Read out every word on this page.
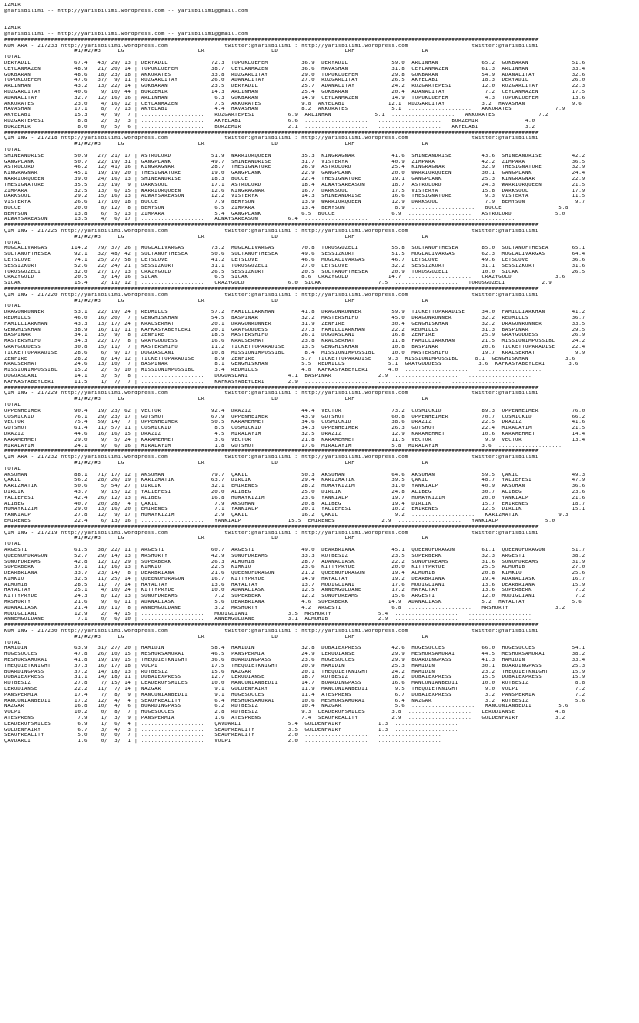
IZMIR
@YarisBilimi -- http://yarisbilimi.wordpress.com -- yarisbilimi@gmail.com
IZMIR
@YarisBilimi -- http://yarisbilimi.wordpress.com -- yarisbilimi@gmail.com
################################################################################################################################################################
KUM ARA - 217233 http://yarisbilimi.wordpress.com                 twitter:@YarisBilimi : http://yarisbilimi.wordpress.com                   twitter:@YarisBilimi
#1/#2/#3     LG                      LR                    LD                    LRF                    LA
TOTAL
DERYADIL             67.4   43/ 29/ 13 | DERYADIL             72.3  TOPUKLUEFEM          36.9  DERYADIL             59.0  ARLINHAN             65.2  GÖKBARAN             51.6
CEYLANMAZEN          48.9   21/ 20/ 14 | TOPUKLUEFEM          38.7  CEYLANMAZEN          36.6  HAVASHAN             31.8  CEYLANMAZEN          61.3  ARLINHAN             33.4
GÖKBARAN             48.6   18/ 23/ 18 | AKKORATES            33.8  RÜZGARLITAY          29.0  TOPUKLUEFEM          29.8  GÖKBARAN             54.9  ADANALITAY           32.6
TOPUKLUEFEM          47.6   37/  9/ 11 | RÜZGARLITAY          26.0  ADANALITAY           27.0  RÜZGARLITAY          26.5  AKYELABI             18.3  DERYADIL             26.0
ARLINHAN             43.2   13/ 22/ 14 | GÖKBARAN             23.5  DERYADIL             25.7  ADANALITAY           24.2  RÜZGARTEPESI         12.0  RÜZGARLITAY          22.3
RÜZGARLITAY          40.6    9/ 10/ 44 | BORZEMIR             14.3  ARLINHAN             25.4  GÖKBARAN             20.4  ADANALITAY            7.2  CEYLANMAZEN          17.5
ADANALITAY           32.7   12/ 16/ 16 | ARLINHAN              6.3  GÖKBARAN             14.9  CEYLANMAZEN          14.9  TOPUKLUEFEM           4.3  TOPUKLUEFEM          13.6
AKKORATES            23.0    4/ 16/ 12 | CEYLANMAZEN           7.5  AKKORATES            9.8  AKYELABI             12.1  RÜZGARLITAY           3.2  HAVASHAN              9.6
HAVASHAN             17.1    8/  7/ 13 | AKYELABI              4.4  HAVASHAN             8.2  AKKORATES             5.1  ...................   AKKORATES             7.9
AKYELABI             15.3    4/  9/  7 | ...................   RÜZGARTEPESI          6.9  ARLINHAN             5.1  ...................   AKKORATES             7.2
RÜZGARTEPESI          8.8    2/  3/  3 | ...................   AKYELABI              6.6  ...................   ...................   BORZEMIR              4.0
BORZEMIR              8.0    0/  5/  6 | ...................   BORZEMIR              2.1  ...................   ...................   AKYELABI              3.2
################################################################################################################################################################
ÇIM ING - 217218 http://yarisbilimi.wordpress.com                 twitter:@YarisBilimi : http://yarisbilimi.wordpress.com                   twitter:@YarisBilimi
#1/#2/#3     LG                      LR                    LD                    LRF                    LA
TOTAL
SHINEANDRISE         50.9   27/ 21/ 17 | ASTROLORD            51.9  WARRIORQUEEN         35.3  KINGRAGNAR           41.6  SHINEANDRISE         43.6  SHINEANDRISE         42.2
GANGPLANK            50.7   22/ 19/ 31 | GANGPLANK            49.7  SHINEANDRISE         31.7  VISTERYA             40.9  ZIMPARA              42.2  ZIMPARA              36.5
ASTROLORD            46.2   12/ 41/ 16 | KINGRAGNAR           28.7  THESIGNATURE         26.9  ASTROLORD            25.4  KINGRAGNAR           32.9  THESIGNATURE         32.9
KINGRAGNAR           45.1   19/ 19/ 20 | THESIGNATURE         19.0  GANGPLANK            22.9  GANGPLANK            20.0  WARRIORQUEEN         30.1  GANGPLANK            24.4
WARRIORQUEEN         39.0   24/ 16/ 13 | SHINEANDRISE         18.3  BOCCE                22.4  THESIGNATURE         19.1  GANGPLANK            25.3  KINGRAGNAR           22.9
THESIGNATURE         35.5   23/ 19/  9 | DARKSOUL             17.1  ASTROLORD            18.4  ALWAYSAREASON        18.7  ASTROLORD            24.3  WARRIORQUEEN         21.5
ZIMPARA              32.5   13/  6/ 15 | WARRIORQUEEN         12.6  KINGRAGNAR           16.7  DARKSOUL             17.5  VISTERYA             15.8  DARKSOUL             17.9
DARKSOUL             29.2   15/ 16/ 13 | ALWAYSAREASON        12.2  VISTERYA             14.3  SHINEANDRISE         16.6  THESIGNATURE          9.3  VISTERYA             11.5
VISTERYA             26.6   17/ 10/ 18 | BOCCE                 7.9  BEMYSUN              13.9  WARRIORQUEEN         12.9  DARKSOUL              7.9  BEMYSUN               9.7
BOCCE                20.0    8/ 12/  8 | BEMYSUN               6.5  ZIMPARA              13.4  BEMYSUN               8.9  ...................   BOCCE                 5.8
BEMYSUN              13.8    6/  5/ 13 | ZIMPARA               5.4  GANGPLANK            6.5  BOCCE                 6.9  ...................   ASTROLORD             5.0
ALWAYSAREASON        13.5    4/  6/ 17 | ...................   ALWAYSAREASON         6.4  ...................   ...................   ...................
################################################################################################################################################################
ÇIM ING - 217225 http://yarisbilimi.wordpress.com                 twitter:@YarisBilimi : http://yarisbilimi.wordpress.com                   twitter:@YarisBilimi
#1/#2/#3     LG                      LR                    LD                    LRF                    LA
TOTAL
MUGLALIVARGAS       114.2   79/ 37/ 26 | MUGLALIVARGAS        73.2  MUGLALIVARGAS        70.8  TOROSGÜZELI          55.8  SULTANOFTHESEA       85.0  SULTANOFTHESEA       65.1
SULTANOFTHESEA       92.1   32/ 48/ 42 | SULTANOFTHESEA       50.6  SULTANOFTHESEA       49.6  SESSIZKURT           51.5  MUGLALIVARGAS        62.3  MUGLALIVARGAS        64.4
LETSLOVE             74.1   25/ 27/ 58 | LETSLOVE             41.2  LETSLOVE             46.6  MUGLALIVARGAS        46.7  LETSLOVE             49.6  LETSLOVE             36.6
SESSIZKURT           52.6   22/ 24/ 21 | SESSIZKURT           31.1  TOROSGÜZELI          27.0  LETSLOVE             32.2  SESSIZKURT           31.1  SESSIZKURT           31.6
TOROSGÜZELI          32.0   27/ 17/ 13 | CRAZYGOLD            26.5  SESSIZKURT           20.5  SULTANOFTHESEA       20.9  TOROSGÜZELI          10.0  SICAK                26.5
CRAZYGOLD            20.5    3/ 14/ 16 | SICAK                 6.5  SICAK                8.6  CRAZYGOLD            14.7  ...................   CRAZYGOLD             3.6
SICAK                15.4    2/ 11/ 12 | ...................   CRAZYGOLD             6.0  SICAK                 7.5  ...................   TOROSGÜZELI           2.9
################################################################################################################################################################
ÇIM ING - 217220 http://yarisbilimi.wordpress.com                 twitter:@YarisBilimi : http://yarisbilimi.wordpress.com                   twitter:@YarisBilimi
#1/#2/#3     LG                      LR                    LD                    LRF                    LA
TOTAL
DRAGONRUNNER         53.1   22/ 19/ 24 | REDMILLS             57.2  FAMILLIARKHAN        41.8  DRAGONRUNNER         59.9  TICKETTOPARADISE     34.0  FAMILLIARKHAN        41.2
REDMILLS             46.0   16/ 20/  7 | GENGHISKHAN          54.5  BASPINAR             32.2  MASTERSHIFU          45.0  DRAGONRUNNER         32.2  REDMILLS             36.7
FAMILLIARKHAN        43.3   13/ 17/ 24 | KRALSERHAT           20.1  DRAGONRUNNER         31.9  ZENFIRE              30.4  GENGHISKHAN          32.2  DRAGONRUNNER         33.5
GENGHISKHAN          38.9   16/ 11/ 11 | KAFKASYABEYLERI      20.1  GRAYGODDESS          27.3  FAMILLIARKHAN        22.2  REDMILLS             31.3  BASPINAR             29.5
BASPINAR             34.1   15/  9/  8 | ZENFIRE              18.5  MASTERSHIFU          26.1  DOGUASLANI           16.8  ZENFIRE              25.9  GRAYGODDESS          26.9
MASTERSHIFU          34.3   22/ 17/  8 | GRAYGODDESS          16.6  KRALSERHAT           23.8  KRALSERHAT           11.8  FAMILLIARKHAN        21.5  MISSIONIMPOSSIBL     24.2
GRAYGODDESS          30.8   15/ 11/  7 | MASTERSHIFU          11.2  TICKETTOPARADISE     13.5  GENGHISKHAN          10.8  BASPINAR             20.6  TICKETTOPARADISE     22.4
TICKETTOPARADISE     28.6    6/  9/ 17 | DOGUASLANI           10.8  MISSIONIMPOSSIBL      8.4  MISSIONIMPOSSIBL     10.0  MASTERSHIFU          19.7  KRALSERHAT            9.9
ZENFIRE              28.2    8/ 14/ 12 | TICKETTOPARADISE      8.9  ZENFIRE              5.7  TICKETTOPARADISE     9.3  MISSIONIMPOSSIBL     8.1  GENGHISKHAN           3.6
KRALSERHAT           24.6   13/ 10/  7 | BASPINAR              8.1  GENGHISKHAN          5.5  REDMILLS             5.1  GRAYGODDESS           3.6  KAFKASYABEYLERI       3.6
MISSIONIMPOSSIBL     15.2    2/  5/ 10 | MISSIONIMPOSSIBL      3.4  REDMILLS             4.8  KAFKASYABEYLERI      4.0  ...................   ...................
DOGUASLANI           14.1    3/  5/  8 | ...................   DOGUASLANI            4.1  BASPINAR              2.9  ...................   ...................
KAFKASYABEYLERI      11.5    1/  7/  7 | ...................   KAFKASYABEYLERI       2.9  ...................   ...................   ...................
################################################################################################################################################################
ÇIM ING - 217229 http://yarisbilimi.wordpress.com                 twitter:@YarisBilimi : http://yarisbilimi.wordpress.com                   twitter:@YarisBilimi
#1/#2/#3     LG                      LR                    LD                    LRF                    LA
TOTAL
OPPENHEIMER          90.4   19/ 23/ 62 | VECTOR               92.4  DRAZIZ               44.4  VECTOR               73.2  COSMICKID            89.3  OPPENHEIMER          76.0
COSMICKID            76.1   29/ 23/ 17 | GUTSHOT              67.9  OPPENHEIMER          43.9  GUTSHOT              60.8  OPPENHEIMER          70.7  COSMICKID            66.2
VECTOR               75.4   59/ 14/  7 | OPPENHEIMER          50.5  KARAMEHMET           34.6  COSMICKID            38.6  DRAZIZ               22.5  DRAZIZ               41.6
GUTSHOT              61.4   11/ 57/ 11 | COSMICKID             8.5  COSMICKID            34.3  OPPENHEIMER          26.3  GUTSHOT              22.4  MIRALAYIM            21.5
DRAZIZ               44.6   16/ 16/ 15 | DRAZIZ                4.5  MIRALAYIM            32.5  DRAZIZ               12.9  KARAMEHMET           10.6  KARAMEHMET           14.4
KARAMEHMET           29.0    9/  5/ 24 | KARAMEHMET            3.6  VECTOR               21.8  KARAMEHMET           11.5  VECTOR                9.9  VECTOR               13.4
MIRALAYIM            24.1    9/  6/ 16 | MIRALAYIM             1.8  GUTSHOT              17.6  MIRALAYIM            5.8  MIRALAYIM             3.6  ...................
################################################################################################################################################################
ÇIM ARA - 217232 http://yarisbilimi.wordpress.com                 twitter:@YarisBilimi : http://yarisbilimi.wordpress.com                   twitter:@YarisBilimi
#1/#2/#3     LG                      LR                    LD                    LRF                    LA
TOTAL
AKSUHAN              88.1   71/ 17/ 12 | AKSUHAN              79.7  ÇAKIL                50.3  AKSUHAN              64.6  AKSUHAN              59.5  ÇAKIL                49.3
ÇAKIL                56.2   28/ 26/ 19 | KARIZMATIK           63.7  DIRLIK               29.4  KARIZMATIK           39.5  ÇAKIL                48.7  YALIEFESI            47.9
KARIZMATIK           50.6    5/ 54/ 27 | DIRLIK               32.1  EMIRENES             28.2  HUMAYKIZIM           31.0  YANKIALP             40.9  AKSUHAN              36.6
DIRLIK               43.7    9/ 15/ 12 | YALIEFESI            20.0  ALIBEG               25.0  DIRLIK               24.8  ALIBEG               30.7  ALIBEG               23.6
YALIEFESI            42.4   26/ 12/ 13 | ALIBEG               16.8  HUMAYKIZIM           23.6  YANKIALP             19.7  HUMAYKIZIM           20.0  YANKIALP             21.6
ALIBEG               40.7   20/ 28/  4 | ÇAKIL                 7.9  AKSUHAN              20.8  ALIBEG               19.4  DIRLIK               15.7  EMIRENES             18.7
HUMAYKIZIM           29.0   13/ 16/ 20 | EMIRENES              7.1  YANKIALP             20.1  YALIEFESI            10.2  EMIRENES             12.5  DIRLIK               15.1
YANKIALP             27.8   12/  9/ 17 | HUMAYKIZIM            2.9  ÇAKIL                16.2  ÇAKIL                 9.2  ...................   KARIZMATIK            9.3
EMIRENES             22.4    6/ 13/ 16 | ...................   YANKIALP              15.5  EMIRENES              2.9  ...................   YANKIALP              5.0
################################################################################################################################################################
ÇIM ING - 217219 http://yarisbilimi.wordpress.com                 twitter:@YarisBilimi : http://yarisbilimi.wordpress.com                   twitter:@YarisBilimi
#1/#2/#3     LG                      LR                    LD                    LRF                    LA
TOTAL
ARGESTI              61.5   38/ 22/ 11 | ARGESTI              60.7  ARGESTI              49.0  DEARBRIANA           45.1  QUEENOFDRAGON        61.1  QUEENOFDRAGON        51.7
QUEENOFDRAGON        52.7   29/ 14/ 13 | MRSHORTY             42.9  SONOFDREAMS          33.3  RÜTBESIZ             23.5  SUPERBERK            32.3  ARGESTI              38.2
SONOFDREAMS          42.8   12/ 12/ 29 | SUPERBERK            26.3  ALMUHIB              28.7  ADANALIASK           22.2  SONOFDREAMS          31.6  SONOFDREAMS          31.9
SUPERBERK            37.1   11/ 16/ 13 | KIMKIO               22.5  KIMKIO               23.6  KITTYPRYDE           20.0  KITTYPRYDE           25.5  ALMUHIB              27.0
DEARBRIANA           33.7   23/ 14/  8 | DEARBRIANA           21.6  QUEENOFDRAGON        21.2  QUEENOFDRAGON        19.4  ALMUHIB              20.8  KIMKIO               25.6
KIMKIO               32.5   11/ 25/ 14 | QUEENOFDRAGON        16.7  KITTYPRYDE           14.9  HAYALTAY             19.2  DEARBRIANA           19.4  ADANALIASK           16.7
ALMUHIB              28.5   11/  7/ 14 | HAYALTAY             13.6  HAYALTAY             13.7  MODIGLIANI           17.6  MODIGLIANI           13.6  DEARBRIANA           15.9
HAYALTAY             25.1    4/ 10/ 24 | KITTYPRYDE           10.0  ADANALIASK           12.5  ANNEMGÜLDANE         17.2  HAYALTAY             13.6  SUPERBERK             7.2
KITTYPRYDE           24.3    8/ 12/ 13 | SONOFDREAMS           7.2  SUPERBERK            12.2  SONOFDREAMS          15.6  ARGESTI              12.0  MODIGLIANI            7.2
MRSHORTY             21.6    9/  6/ 11 | ADANALIASK            5.6  DEARBRIANA           4.6  SUPERBERK            14.9  ADANALIASK            5.2  HAYALTAY              5.6
ADANALIASK           21.4   10/ 11/  8 | ANNEMGÜLDANE          3.2  MRSHORTY             4.2  ARGESTI               6.8  ...................   MRSHORTY              3.2
MODIGLIANI           12.9    2/  4/ 15 | ...................   MODIGLIANI            3.5  MRSHORTY              5.4  ...................   ...................
ANNEMGÜLDANE          7.1    0/  6/ 10 | ...................   ANNEMGÜLDANE          3.1  ALMUHIB               2.9  ...................   ...................
################################################################################################################################################################
KUM ING - 217230 http://yarisbilimi.wordpress.com                 twitter:@YarisBilimi : http://yarisbilimi.wordpress.com                   twitter:@YarisBilimi
#1/#2/#3     LG                      LR                    LD                    LRF                    LA
TOTAL
HAMIDIN              63.9   31/ 27/ 20 | HAMIDIN              58.4  HAMIDIN              32.8  DUBAIEXPRESS         42.6  HUGESUCCES           66.0  HUGESUCCES           54.1
HUGESUCCES           47.8   26/ 10/ 15 | MESHURSAMURAI        46.5  PANSPERMIA           24.9  LERODIANSE           29.9  MESHURSAMURAI        44.5  MESHURSAMURAI        38.2
MESHURSAMURAI        41.8   19/ 19/ 15 | THEQUIETKNIGHT       36.6  BOARDINGPASS         23.6  HUGESUCCES           29.9  BOARDINGPASS         41.3  HAMIDIN              33.4
THEQUIETKNIGHT       37.3   16/ 17/ 18 | VOLPI                17.5  THEQUIETKNIGHT       20.9  HAMIDIN              25.3  HAMIDIN              30.1  BOARDINGPASS         25.3
BOARDINGPASS         37.2   14/ 18/ 13 | RÜTBESIZ             15.6  NAZGAR               20.1  THEQUIETKNIGHT       24.2  HAMIDIN              23.2  THEQUIETKNIGHT       15.9
DUBAIEXPRESS         31.1   14/ 18/ 11 | DUBAIEXPRESS         12.7  LERODIANSE           18.7  RÜTBESIZ             18.2  DUBAIEXPRESS         15.5  DUBAIEXPRESS         15.9
RÜTBESIZ             27.8    7/ 15/ 14 | LEADEROFSMILES       10.0  MANCUNIANBEDII       14.7  BOARDINGPASS         16.6  MANCUNIANBEDII       10.0  RÜTBESIZ              8.8
LERODIANSE           22.2   11/  7/ 14 | NAZGAR                9.1  GOLDENFAIRY          11.9  MANCUNIANBEDII        9.5  THEQUIETKNIGHT        9.0  VOLPI                 7.2
PANSPERMIA           17.4    7/  8/  9 | MANCUNIANBEDII        9.1  HUGESUCCES           11.4  ATESPRENS             6.7  DUBAIEXPRESS          3.2  PANSPERMIA            7.2
MANCUNIANBEDII       17.2   12/  4/  4 | SEAOFREALITY          6.4  MESHURSAMURAI        10.6  MESHURSAMURAI         6.4  NAZGAR                3.2  RÜTBESIZ              5.6
NAZGAR               16.8   10/  4/  6 | BOARDINGPASS          6.2  RÜTBESIZ             10.4  NAZGAR                5.6  ...................   MANCUNIANBEDII        5.6
VOLPI                10.2    0/  8/  7 | HUGESUCCES            2.8  RÜTBESIZ             9.3  LEADEROFSMILES        3.8  ...................   LERODIANSE            4.8
ATESPRENS             7.9    1/  3/  9 | PANSPERMIA            1.6  ATESPRENS            7.4  SEAOFREALITY          2.9  ...................   GOLDENFAIRY           3.2
LEADEROFSMILES        6.9    1/  6/  4 | ...................   ÇAVDARLI              5.4  GOLDENFAIRY           1.3  ...................
GOLDENFAIRY           6.7    3/  4/  3 | ...................   SEAOFREALITY          3.5  GOLDENFAIRY           1.3  ...................
SEAOFREALITY          5.0    0/  0/  7 | ...................   SEAOFREALITY          2.0  ...................   ...................
ÇAVDARLI              1.6    0/  3/  1 | ...................   VOLPI                 2.0  ...................   ...................
